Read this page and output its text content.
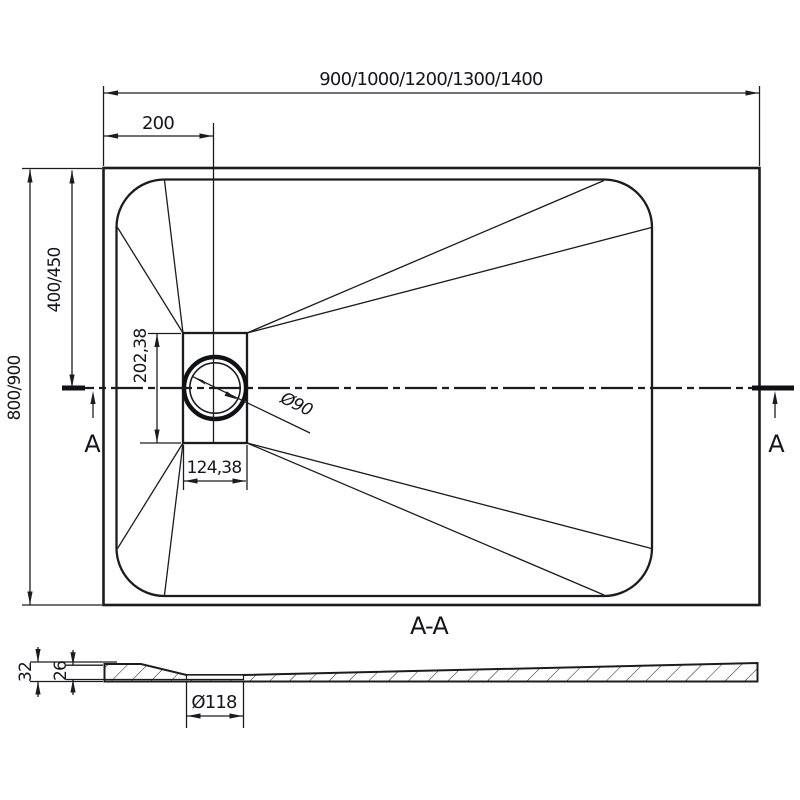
A	A
900/1000/1200/1300/1400
200
800/900
400/450
202,38
124,38
Ø90
A-A
32 26
Ø118
